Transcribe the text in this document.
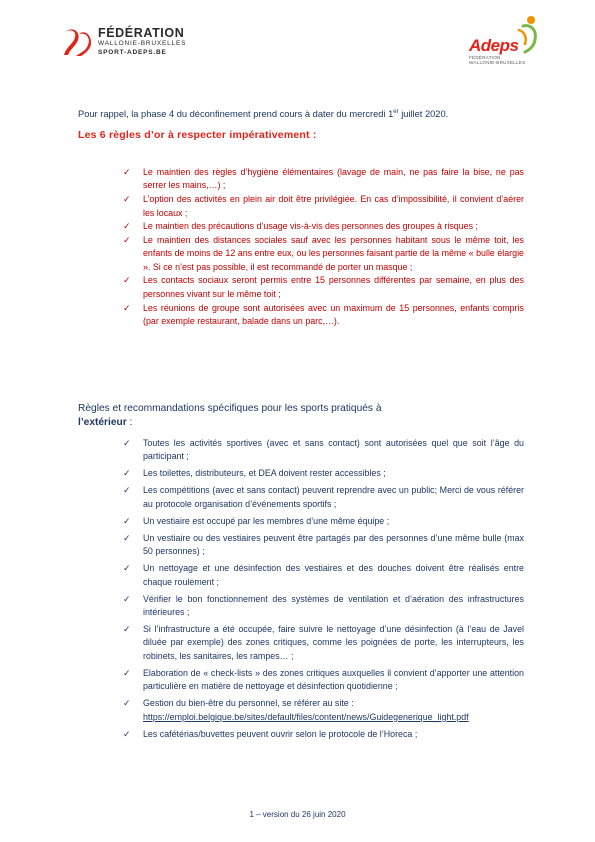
FÉDÉRATION
WALLONIE-BRUXELLES
SPORT-ADEPS.BE	Adeps
FÉDÉRATION
WALLONIE-BRUXELLES
Pour rappel, la phase 4 du déconfinement prend cours à dater du mercredi 1er juillet 2020.
Les 6 règles d’or à respecter impérativement :
✓ Le maintien des règles d’hygiène élémentaires (lavage de main, ne pas faire la bise, ne pas serrer les mains,…) ;
✓ L’option des activités en plein air doit être privilégiée. En cas d’impossibilité, il convient d’aérer les locaux ;
✓ Le maintien des précautions d’usage vis-à-vis des personnes des groupes à risques ;
✓ Le maintien des distances sociales sauf avec les personnes habitant sous le même toit, les enfants de moins de 12 ans entre eux, ou les personnes faisant partie de la même « bulle élargie ». Si ce n’est pas possible, il est recommandé de porter un masque ;
✓ Les contacts sociaux seront permis entre 15 personnes différentes par semaine, en plus des personnes vivant sur le même toit ;
✓ Les réunions de groupe sont autorisées avec un maximum de 15 personnes, enfants compris (par exemple restaurant, balade dans un parc,…).
Règles et recommandations spécifiques pour les sports pratiqués à
l’extérieur :
✓ Toutes les activités sportives (avec et sans contact) sont autorisées quel que soit l’âge du participant ;
✓ Les toilettes, distributeurs, et DEA doivent rester accessibles ;
✓ Les compétitions (avec et sans contact) peuvent reprendre avec un public; Merci de vous référer au protocole organisation d’événements sportifs ;
✓ Un vestiaire est occupé par les membres d’une même équipe ;
✓ Un vestiaire ou des vestiaires peuvent être partagés par des personnes d’une même bulle (max 50 personnes) ;
✓ Un nettoyage et une désinfection des vestiaires et des douches doivent être réalisés entre chaque roulement ;
✓ Vérifier le bon fonctionnement des systèmes de ventilation et d’aération des infrastructures intérieures ;
✓ Si l’infrastructure a été occupée, faire suivre le nettoyage d’une désinfection (à l’eau de Javel diluée par exemple) des zones critiques, comme les poignées de porte, les interrupteurs, les robinets, les sanitaires, les rampes… ;
✓ Elaboration de « check-lists » des zones critiques auxquelles il convient d’apporter une attention particulière en matière de nettoyage et désinfection quotidienne ;
✓ Gestion du bien-être du personnel, se référer au site :
https://emploi.belgique.be/sites/default/files/content/news/Guidegenerique_light.pdf
✓ Les cafétérias/buvettes peuvent ouvrir selon le protocole de l’Horeca ;
1 – version du 26 juin 2020
